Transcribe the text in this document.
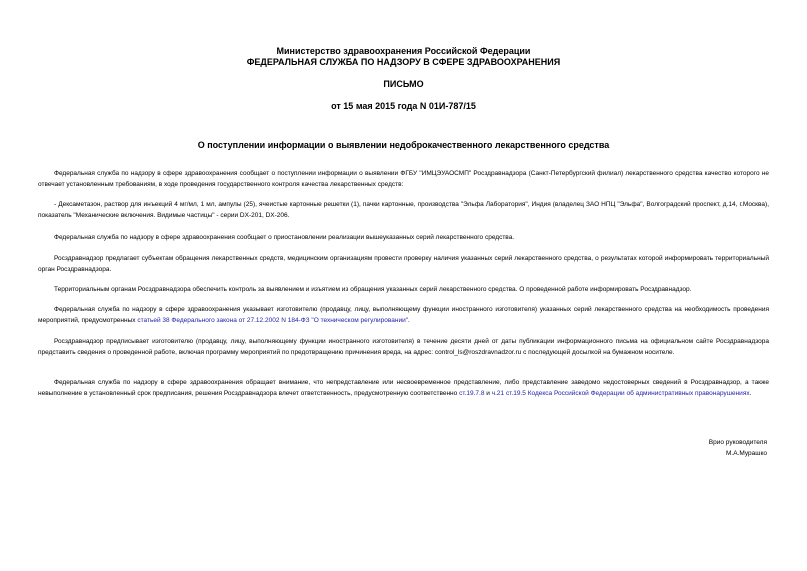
Министерство здравоохранения Российской Федерации
ФЕДЕРАЛЬНАЯ СЛУЖБА ПО НАДЗОРУ В СФЕРЕ ЗДРАВООХРАНЕНИЯ
ПИСЬМО
от 15 мая 2015 года N 01И-787/15
О поступлении информации о выявлении недоброкачественного лекарственного средства
Федеральная служба по надзору в сфере здравоохранения сообщает о поступлении информации о выявлении ФГБУ "ИМЦЭУАОСМП" Росздравнадзора (Санкт-Петербургский филиал) лекарственного средства качество которого не отвечает установленным требованиям, в ходе проведения государственного контроля качества лекарственных средств:
- Дексаметазон, раствор для инъекций 4 мг/мл, 1 мл, ампулы (25), ячеистые картонные решетки (1), пачки картонные, производства "Эльфа Лаборатория", Индия (владелец ЗАО НПЦ "Эльфа", Волгоградский проспект, д.14, г.Москва), показатель "Механические включения. Видимые частицы" - серии DX-201, DX-206.
Федеральная служба по надзору в сфере здравоохранения сообщает о приостановлении реализации вышеуказанных серий лекарственного средства.
Росздравнадзор предлагает субъектам обращения лекарственных средств, медицинским организациям провести проверку наличия указанных серий лекарственного средства, о результатах которой информировать территориальный орган Росздравнадзора.
Территориальным органам Росздравнадзора обеспечить контроль за выявлением и изъятием из обращения указанных серий лекарственного средства. О проведенной работе информировать Росздравнадзор.
Федеральная служба по надзору в сфере здравоохранения указывает изготовителю (продавцу, лицу, выполняющему функции иностранного изготовителя) указанных серий лекарственного средства на необходимость проведения мероприятий, предусмотренных статьей 38 Федерального закона от 27.12.2002 N 184-ФЗ "О техническом регулировании".
Росздравнадзор предписывает изготовителю (продавцу, лицу, выполняющему функции иностранного изготовителя) в течение десяти дней от даты публикации информационного письма на официальном сайте Росздравнадзора представить сведения о проведенной работе, включая программу мероприятий по предотвращению причинения вреда, на адрес: control_ls@roszdravnadzor.ru с последующей досылкой на бумажном носителе.
Федеральная служба по надзору в сфере здравоохранения обращает внимание, что непредставление или несвоевременное представление, либо представление заведомо недостоверных сведений в Росздравнадзор, а также невыполнение в установленный срок предписания, решения Росздравнадзора влечет ответственность, предусмотренную соответственно ст.19.7.8 и ч.21 ст.19.5 Кодекса Российской Федерации об административных правонарушениях.
Врио руководителя
М.А.Мурашко
